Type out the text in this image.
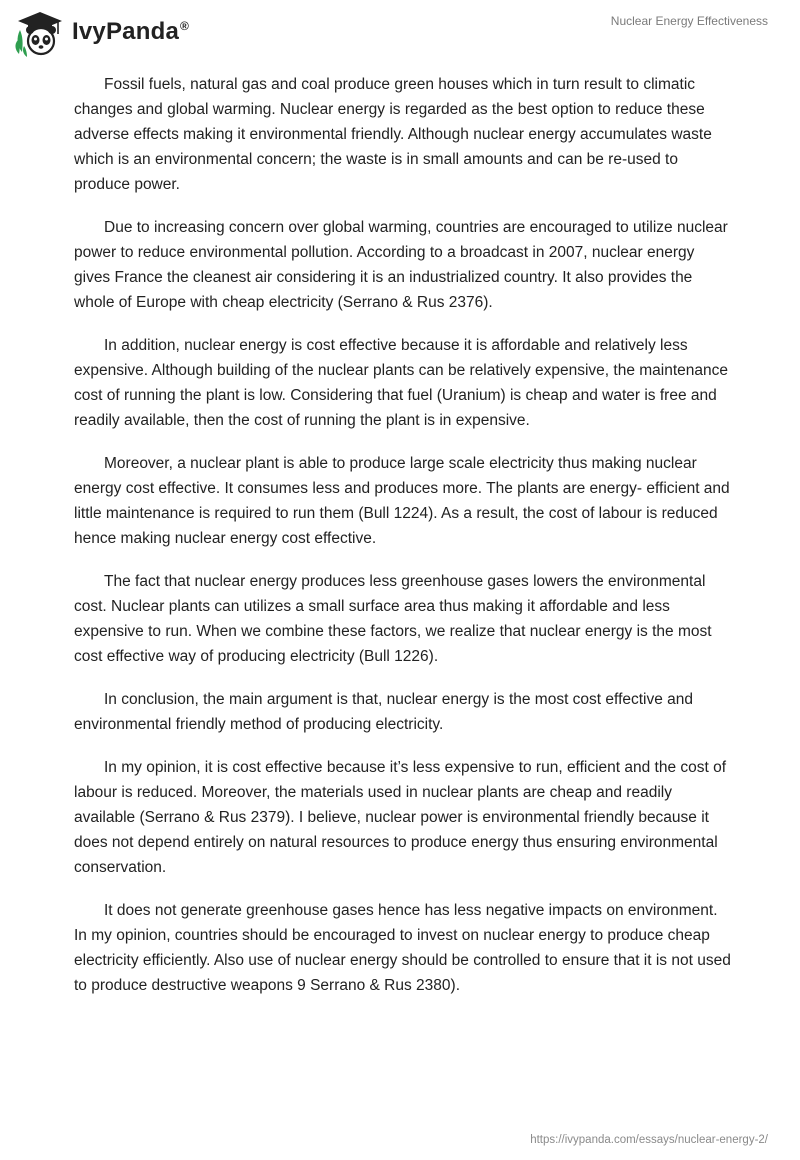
IvyPanda®	Nuclear Energy Effectiveness

Fossil fuels, natural gas and coal produce green houses which in turn result to climatic changes and global warming. Nuclear energy is regarded as the best option to reduce these adverse effects making it environmental friendly. Although nuclear energy accumulates waste which is an environmental concern; the waste is in small amounts and can be re-used to produce power.

Due to increasing concern over global warming, countries are encouraged to utilize nuclear power to reduce environmental pollution. According to a broadcast in 2007, nuclear energy gives France the cleanest air considering it is an industrialized country. It also provides the whole of Europe with cheap electricity (Serrano & Rus 2376).

In addition, nuclear energy is cost effective because it is affordable and relatively less expensive. Although building of the nuclear plants can be relatively expensive, the maintenance cost of running the plant is low. Considering that fuel (Uranium) is cheap and water is free and readily available, then the cost of running the plant is in expensive.

Moreover, a nuclear plant is able to produce large scale electricity thus making nuclear energy cost effective. It consumes less and produces more. The plants are energy- efficient and little maintenance is required to run them (Bull 1224). As a result, the cost of labour is reduced hence making nuclear energy cost effective.

The fact that nuclear energy produces less greenhouse gases lowers the environmental cost. Nuclear plants can utilizes a small surface area thus making it affordable and less expensive to run. When we combine these factors, we realize that nuclear energy is the most cost effective way of producing electricity (Bull 1226).

In conclusion, the main argument is that, nuclear energy is the most cost effective and environmental friendly method of producing electricity.

In my opinion, it is cost effective because it’s less expensive to run, efficient and the cost of labour is reduced. Moreover, the materials used in nuclear plants are cheap and readily available (Serrano & Rus 2379). I believe, nuclear power is environmental friendly because it does not depend entirely on natural resources to produce energy thus ensuring environmental conservation.

It does not generate greenhouse gases hence has less negative impacts on environment. In my opinion, countries should be encouraged to invest on nuclear energy to produce cheap electricity efficiently. Also use of nuclear energy should be controlled to ensure that it is not used to produce destructive weapons 9 Serrano & Rus 2380).

https://ivypanda.com/essays/nuclear-energy-2/
